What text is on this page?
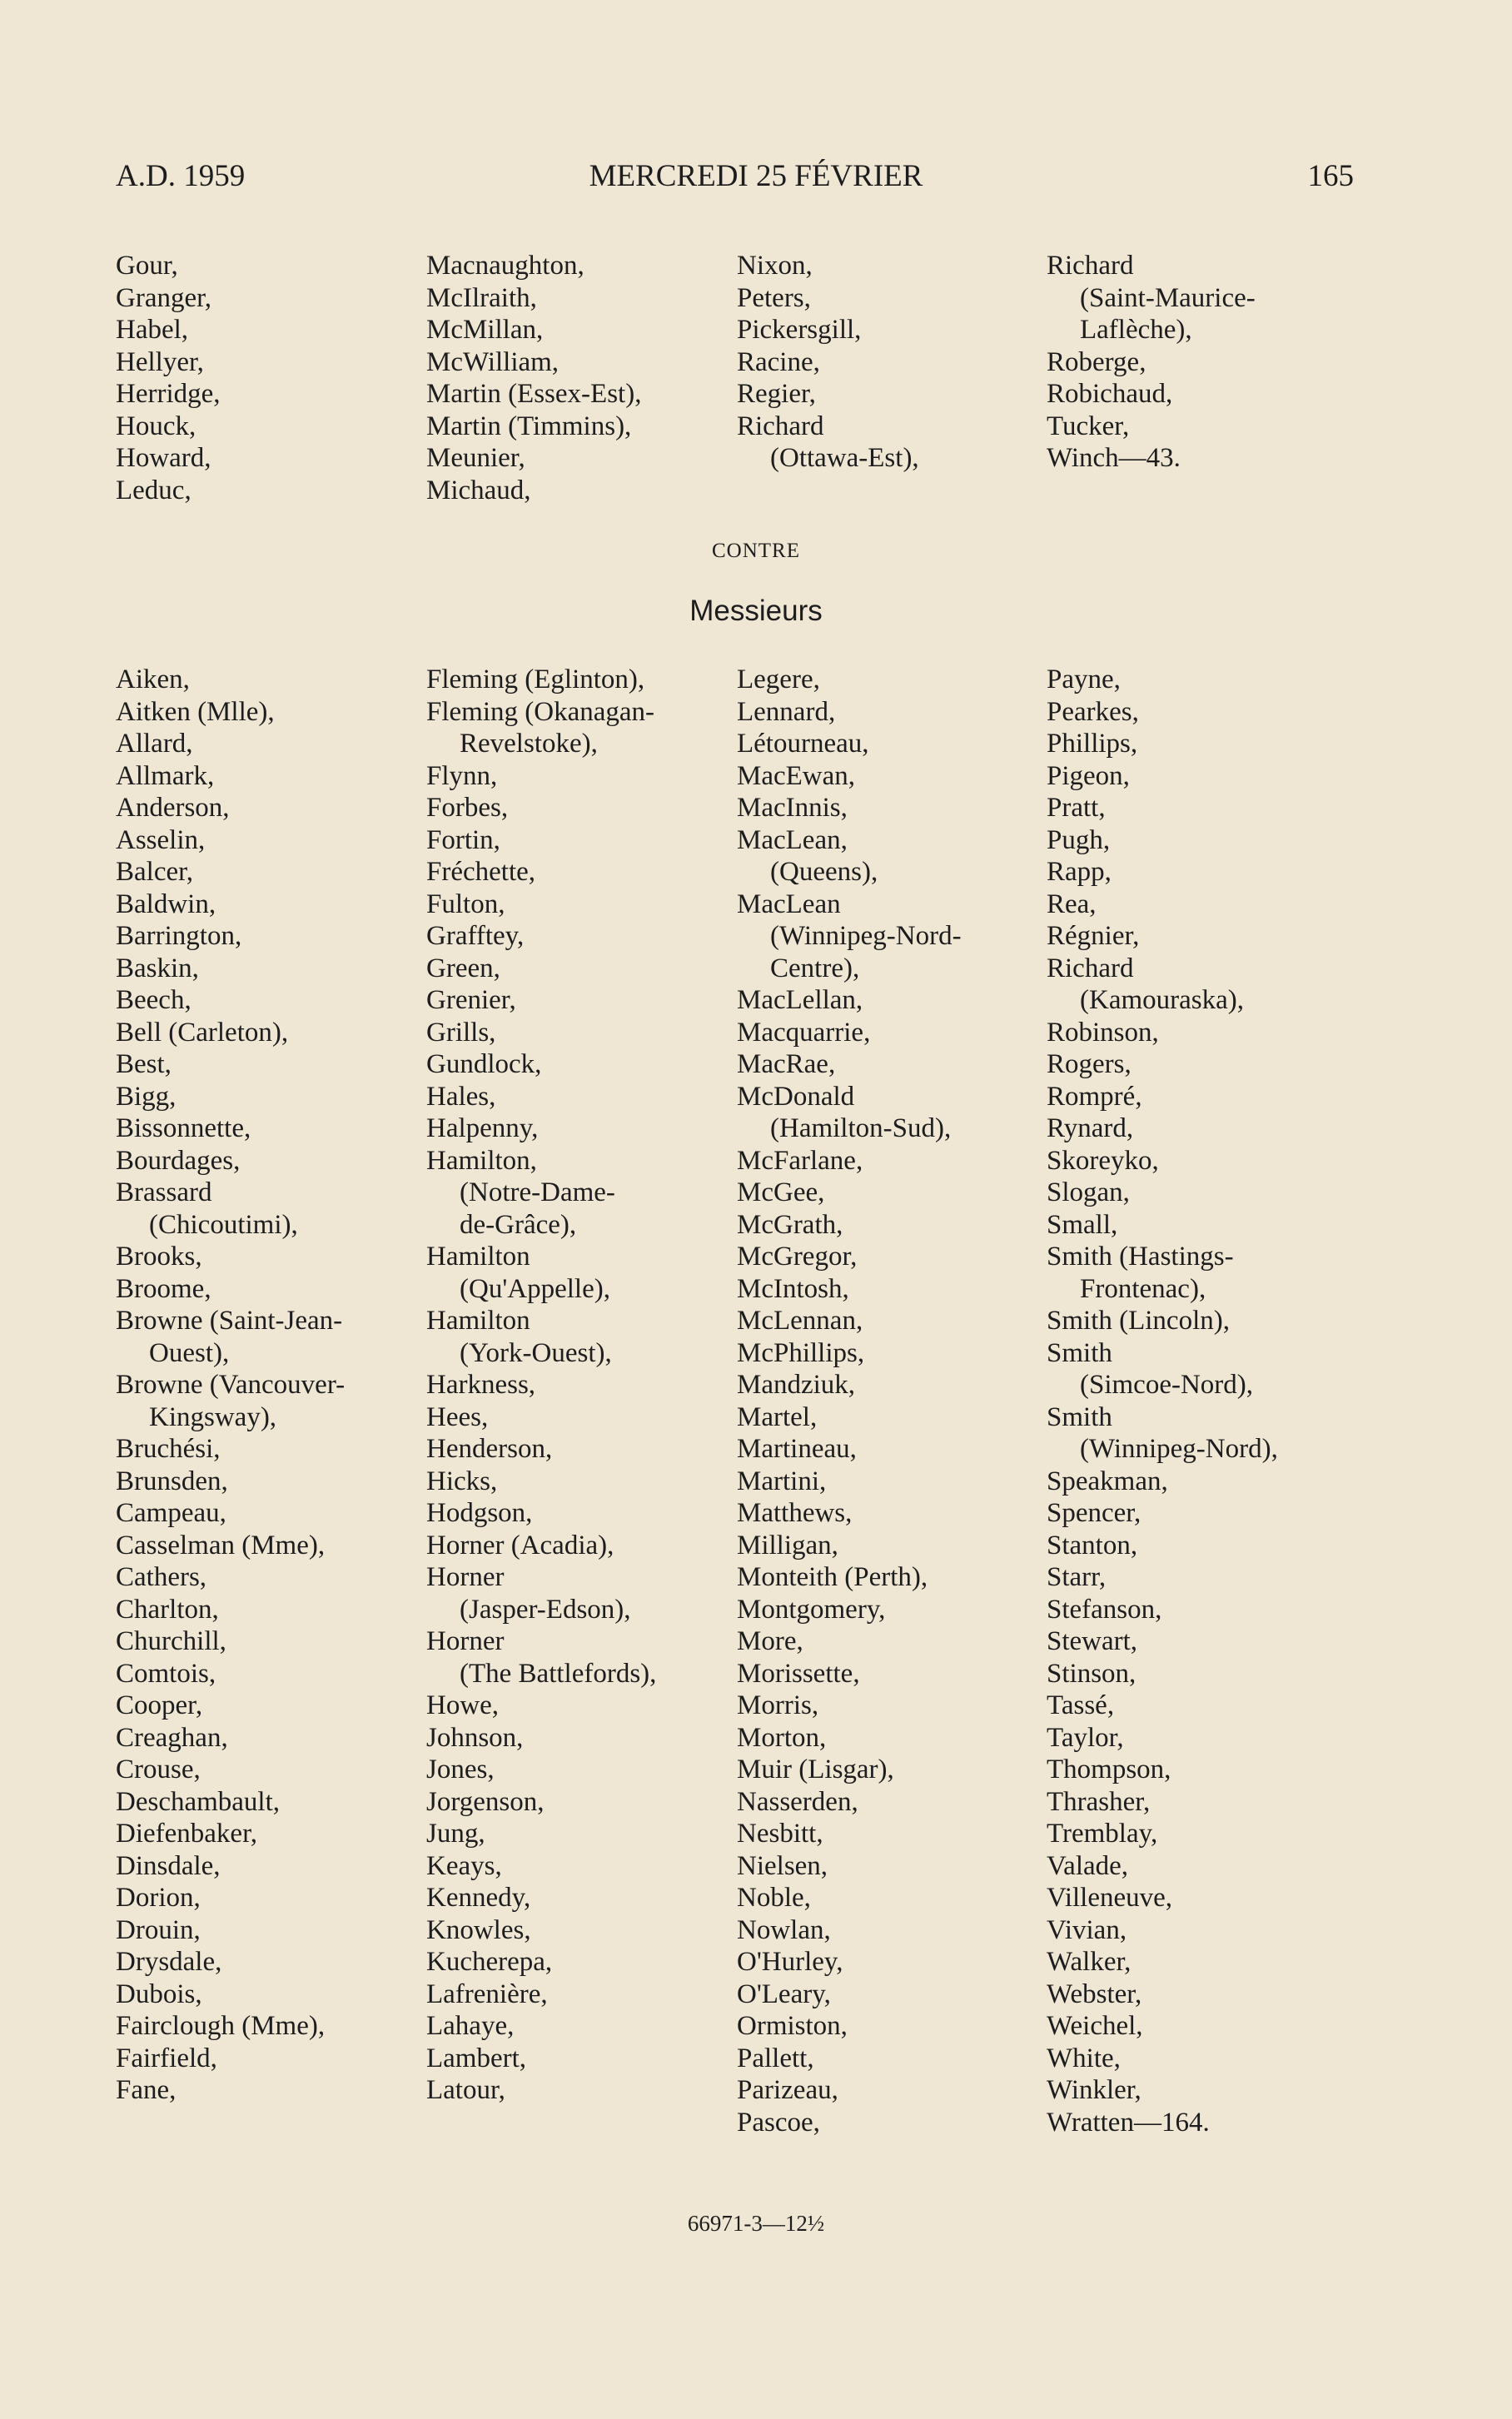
A.D. 1959	MERCREDI 25 FÉVRIER	165
Gour,
Granger,
Habel,
Hellyer,
Herridge,
Houck,
Howard,
Leduc,
Macnaughton,
McIlraith,
McMillan,
McWilliam,
Martin (Essex-Est),
Martin (Timmins),
Meunier,
Michaud,
Nixon,
Peters,
Pickersgill,
Racine,
Regier,
Richard
(Ottawa-Est),
Richard
(Saint-Maurice-
Laflèche),
Roberge,
Robichaud,
Tucker,
Winch—43.
CONTRE
Messieurs
Aiken,
Aitken (Mlle),
Allard,
Allmark,
Anderson,
Asselin,
Balcer,
Baldwin,
Barrington,
Baskin,
Beech,
Bell (Carleton),
Best,
Bigg,
Bissonnette,
Bourdages,
Brassard
(Chicoutimi),
Brooks,
Broome,
Browne (Saint-Jean-
Ouest),
Browne (Vancouver-
Kingsway),
Bruchési,
Brunsden,
Campeau,
Casselman (Mme),
Cathers,
Charlton,
Churchill,
Comtois,
Cooper,
Creaghan,
Crouse,
Deschambault,
Diefenbaker,
Dinsdale,
Dorion,
Drouin,
Drysdale,
Dubois,
Fairclough (Mme),
Fairfield,
Fane,
Fleming (Eglinton),
Fleming (Okanagan-
Revelstoke),
Flynn,
Forbes,
Fortin,
Fréchette,
Fulton,
Grafftey,
Green,
Grenier,
Grills,
Gundlock,
Hales,
Halpenny,
Hamilton,
(Notre-Dame-
de-Grâce),
Hamilton
(Qu'Appelle),
Hamilton
(York-Ouest),
Harkness,
Hees,
Henderson,
Hicks,
Hodgson,
Horner (Acadia),
Horner
(Jasper-Edson),
Horner
(The Battlefords),
Howe,
Johnson,
Jones,
Jorgenson,
Jung,
Keays,
Kennedy,
Knowles,
Kucherepa,
Lafrenière,
Lahaye,
Lambert,
Latour,
Legere,
Lennard,
Létourneau,
MacEwan,
MacInnis,
MacLean,
(Queens),
MacLean
(Winnipeg-Nord-
Centre),
MacLellan,
Macquarrie,
MacRae,
McDonald
(Hamilton-Sud),
McFarlane,
McGee,
McGrath,
McGregor,
McIntosh,
McLennan,
McPhillips,
Mandziuk,
Martel,
Martineau,
Martini,
Matthews,
Milligan,
Monteith (Perth),
Montgomery,
More,
Morissette,
Morris,
Morton,
Muir (Lisgar),
Nasserden,
Nesbitt,
Nielsen,
Noble,
Nowlan,
O'Hurley,
O'Leary,
Ormiston,
Pallett,
Parizeau,
Pascoe,
Payne,
Pearkes,
Phillips,
Pigeon,
Pratt,
Pugh,
Rapp,
Rea,
Régnier,
Richard
(Kamouraska),
Robinson,
Rogers,
Rompré,
Rynard,
Skoreyko,
Slogan,
Small,
Smith (Hastings-
Frontenac),
Smith (Lincoln),
Smith
(Simcoe-Nord),
Smith
(Winnipeg-Nord),
Speakman,
Spencer,
Stanton,
Starr,
Stefanson,
Stewart,
Stinson,
Tassé,
Taylor,
Thompson,
Thrasher,
Tremblay,
Valade,
Villeneuve,
Vivian,
Walker,
Webster,
Weichel,
White,
Winkler,
Wratten—164.
66971-3—12½
